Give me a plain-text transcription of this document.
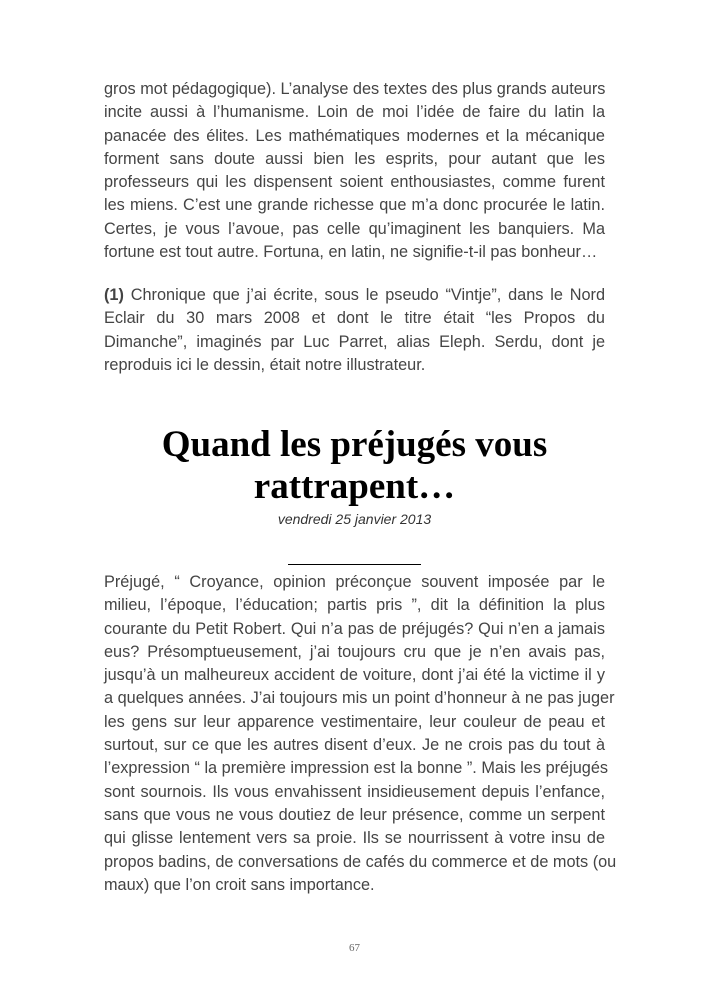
gros mot pédagogique). L’analyse des textes des plus grands auteurs
incite aussi à l’humanisme. Loin de moi l’idée de faire du latin la
panacée des élites. Les mathématiques modernes et la mécanique
forment sans doute aussi bien les esprits, pour autant que les
professeurs qui les dispensent soient enthousiastes, comme furent
les miens. C’est une grande richesse que m’a donc procurée le latin.
Certes, je vous l’avoue, pas celle qu’imaginent les banquiers. Ma
fortune est tout autre. Fortuna, en latin, ne signifie-t-il pas bonheur…
(1) Chronique que j’ai écrite, sous le pseudo “Vintje”, dans le Nord
Eclair du 30 mars 2008 et dont le titre était “les Propos du
Dimanche”, imaginés par Luc Parret, alias Eleph. Serdu, dont je
reproduis ici le dessin, était notre illustrateur.
Quand les préjugés vous
rattrapent…
vendredi 25 janvier 2013
Préjugé, “ Croyance, opinion préconçue souvent imposée par le
milieu, l’époque, l’éducation; partis pris ”, dit la définition la plus
courante du Petit Robert. Qui n’a pas de préjugés? Qui n’en a jamais
eus? Présomptueusement, j’ai toujours cru que je n’en avais pas,
jusqu’à un malheureux accident de voiture, dont j’ai été la victime il y
a quelques années. J’ai toujours mis un point d’honneur à ne pas juger
les gens sur leur apparence vestimentaire, leur couleur de peau et
surtout, sur ce que les autres disent d’eux. Je ne crois pas du tout à
l’expression “ la première impression est la bonne ”. Mais les préjugés
sont sournois. Ils vous envahissent insidieusement depuis l’enfance,
sans que vous ne vous doutiez de leur présence, comme un serpent
qui glisse lentement vers sa proie. Ils se nourrissent à votre insu de
propos badins, de conversations de cafés du commerce et de mots (ou
maux) que l’on croit sans importance.
67
